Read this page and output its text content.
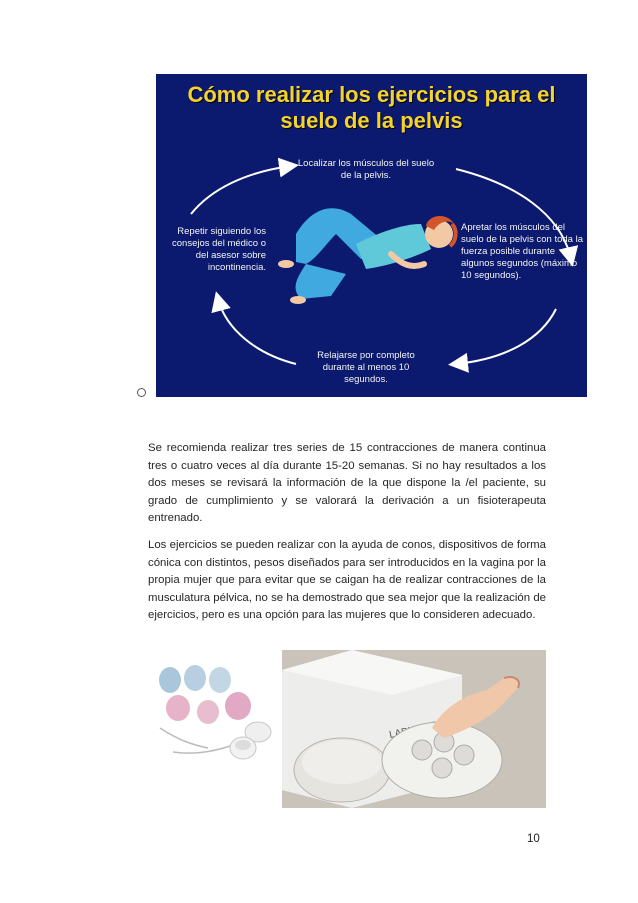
Cómo realizar los ejercicios para el
suelo de la pelvis
Localizar los músculos del suelo de la pelvis.
Apretar los músculos del suelo de la pelvis con toda la fuerza posible durante algunos segundos (máximo 10 segundos).
Relajarse por completo durante al menos 10 segundos.
Repetir siguiendo los consejos del médico o del asesor sobre incontinencia.

Se recomienda realizar tres series de 15 contracciones de manera continua tres o cuatro veces al día durante 15-20 semanas. Si no hay resultados a los dos meses se revisará la información de la que dispone la /el paciente, su grado de cumplimiento y se valorará la derivación a un fisioterapeuta entrenado.

Los ejercicios se pueden realizar con la ayuda de conos, dispositivos de forma cónica con distintos, pesos diseñados para ser introducidos en la vagina por la propia mujer que para evitar que se caigan ha de realizar contracciones de la musculatura pélvica, no se ha demostrado que sea mejor que la realización de ejercicios, pero es una opción para las mujeres que lo consideren adecuado.

10
